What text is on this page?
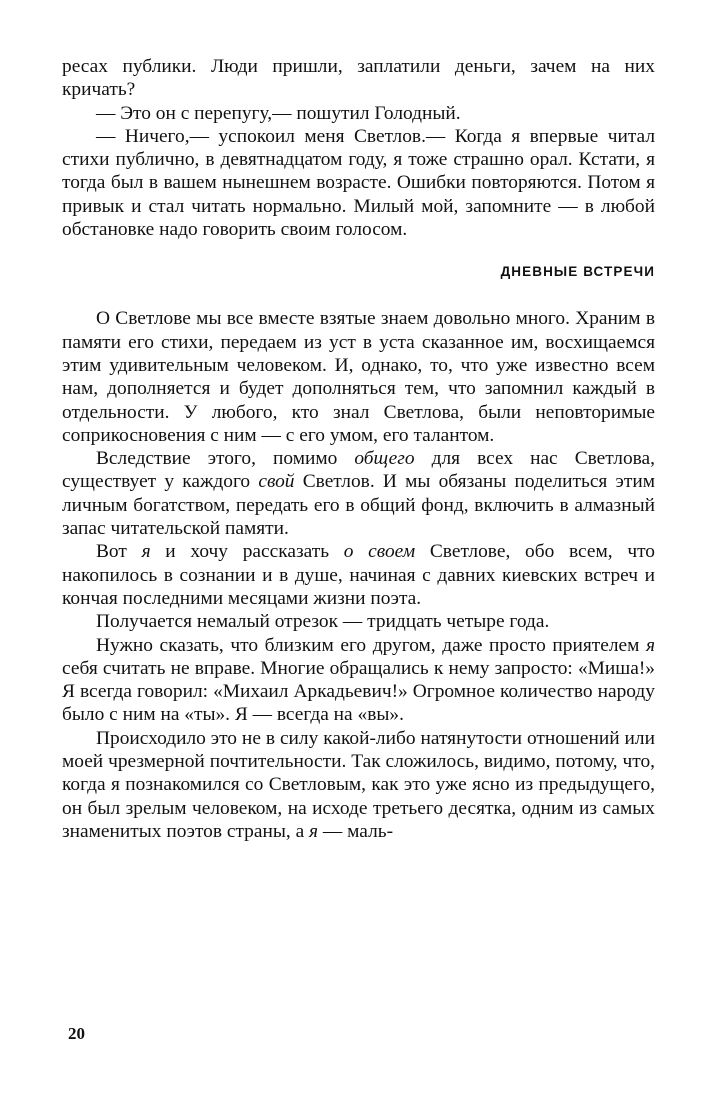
ресах публики. Люди пришли, заплатили деньги, зачем на них кричать?

— Это он с перепугу,— пошутил Голодный.

— Ничего,— успокоил меня Светлов.— Когда я впервые читал стихи публично, в девятнадцатом году, я тоже страшно орал. Кстати, я тогда был в вашем нынешнем возрасте. Ошибки повторяются. Потом я привык и стал читать нормально. Милый мой, запомните — в любой обстановке надо говорить своим голосом.

ДНЕВНЫЕ ВСТРЕЧИ

О Светлове мы все вместе взятые знаем довольно много. Храним в памяти его стихи, передаем из уст в уста сказанное им, восхищаемся этим удивительным человеком. И, однако, то, что уже известно всем нам, дополняется и будет дополняться тем, что запомнил каждый в отдельности. У любого, кто знал Светлова, были неповторимые соприкосновения с ним — с его умом, его талантом.

Вследствие этого, помимо общего для всех нас Светлова, существует у каждого свой Светлов. И мы обязаны поделиться этим личным богатством, передать его в общий фонд, включить в алмазный запас читательской памяти.

Вот я и хочу рассказать о своем Светлове, обо всем, что накопилось в сознании и в душе, начиная с давних киевских встреч и кончая последними месяцами жизни поэта.

Получается немалый отрезок — тридцать четыре года.

Нужно сказать, что близким его другом, даже просто приятелем я себя считать не вправе. Многие обращались к нему запросто: «Миша!» Я всегда говорил: «Михаил Аркадьевич!» Огромное количество народу было с ним на «ты». Я — всегда на «вы».

Происходило это не в силу какой-либо натянутости отношений или моей чрезмерной почтительности. Так сложилось, видимо, потому, что, когда я познакомился со Светловым, как это уже ясно из предыдущего, он был зрелым человеком, на исходе третьего десятка, одним из самых знаменитых поэтов страны, а я — маль-

20
